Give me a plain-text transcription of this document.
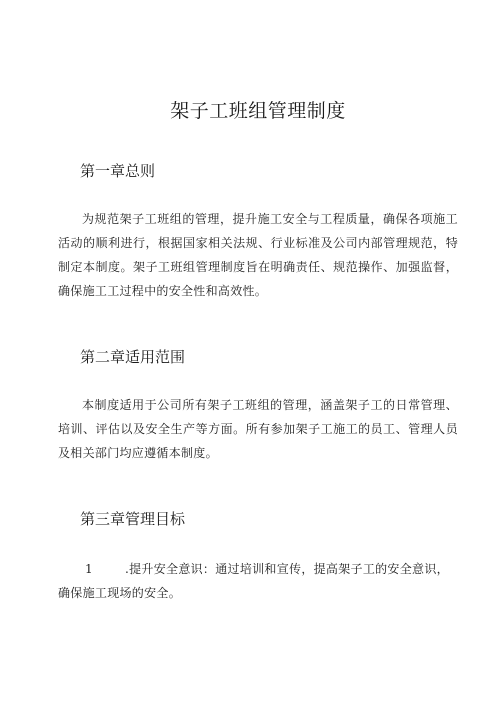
架子工班组管理制度
第一章总则

为规范架子工班组的管理，提升施工安全与工程质量，确保各项施工活动的顺利进行，根据国家相关法规、行业标准及公司内部管理规范，特制定本制度。架子工班组管理制度旨在明确责任、规范操作、加强监督，确保施工工过程中的安全性和高效性。

第二章适用范围

本制度适用于公司所有架子工班组的管理，涵盖架子工的日常管理、培训、评估以及安全生产等方面。所有参加架子工施工的员工、管理人员及相关部门均应遵循本制度。

第三章管理目标

1	.提升安全意识：通过培训和宣传，提高架子工的安全意识，确保施工现场的安全。
